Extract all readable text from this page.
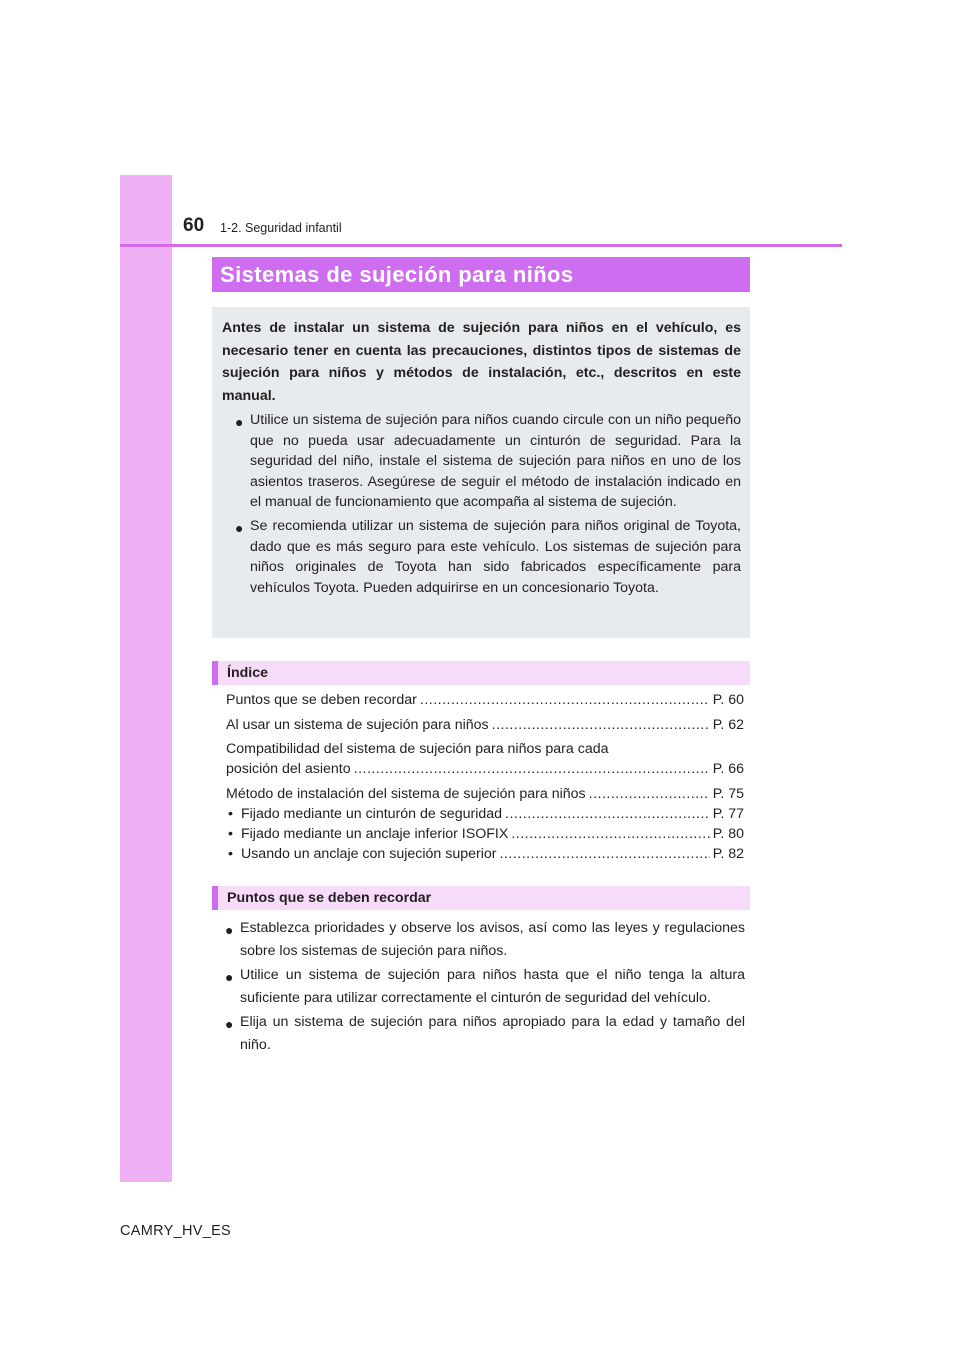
60 1-2. Seguridad infantil
Sistemas de sujeción para niños

Antes de instalar un sistema de sujeción para niños en el vehículo, es necesario tener en cuenta las precauciones, distintos tipos de sistemas de sujeción para niños y métodos de instalación, etc., descritos en este manual.

● Utilice un sistema de sujeción para niños cuando circule con un niño pequeño que no pueda usar adecuadamente un cinturón de seguridad. Para la seguridad del niño, instale el sistema de sujeción para niños en uno de los asientos traseros. Asegúrese de seguir el método de instalación indicado en el manual de funcionamiento que acompaña al sistema de sujeción.
● Se recomienda utilizar un sistema de sujeción para niños original de Toyota, dado que es más seguro para este vehículo. Los sistemas de sujeción para niños originales de Toyota han sido fabricados específicamente para vehículos Toyota. Pueden adquirirse en un concesionario Toyota.
Índice
Puntos que se deben recordar .....	P. 60
Al usar un sistema de sujeción para niños .....	P. 62
Compatibilidad del sistema de sujeción para niños para cada
posición del asiento .....	P. 66
Método de instalación del sistema de sujeción para niños .....	P. 75
• Fijado mediante un cinturón de seguridad .....	P. 77
• Fijado mediante un anclaje inferior ISOFIX .....	P. 80
• Usando un anclaje con sujeción superior .....	P. 82
Puntos que se deben recordar
● Establezca prioridades y observe los avisos, así como las leyes y regulaciones sobre los sistemas de sujeción para niños.
● Utilice un sistema de sujeción para niños hasta que el niño tenga la altura suficiente para utilizar correctamente el cinturón de seguridad del vehículo.
● Elija un sistema de sujeción para niños apropiado para la edad y tamaño del niño.
CAMRY_HV_ES
